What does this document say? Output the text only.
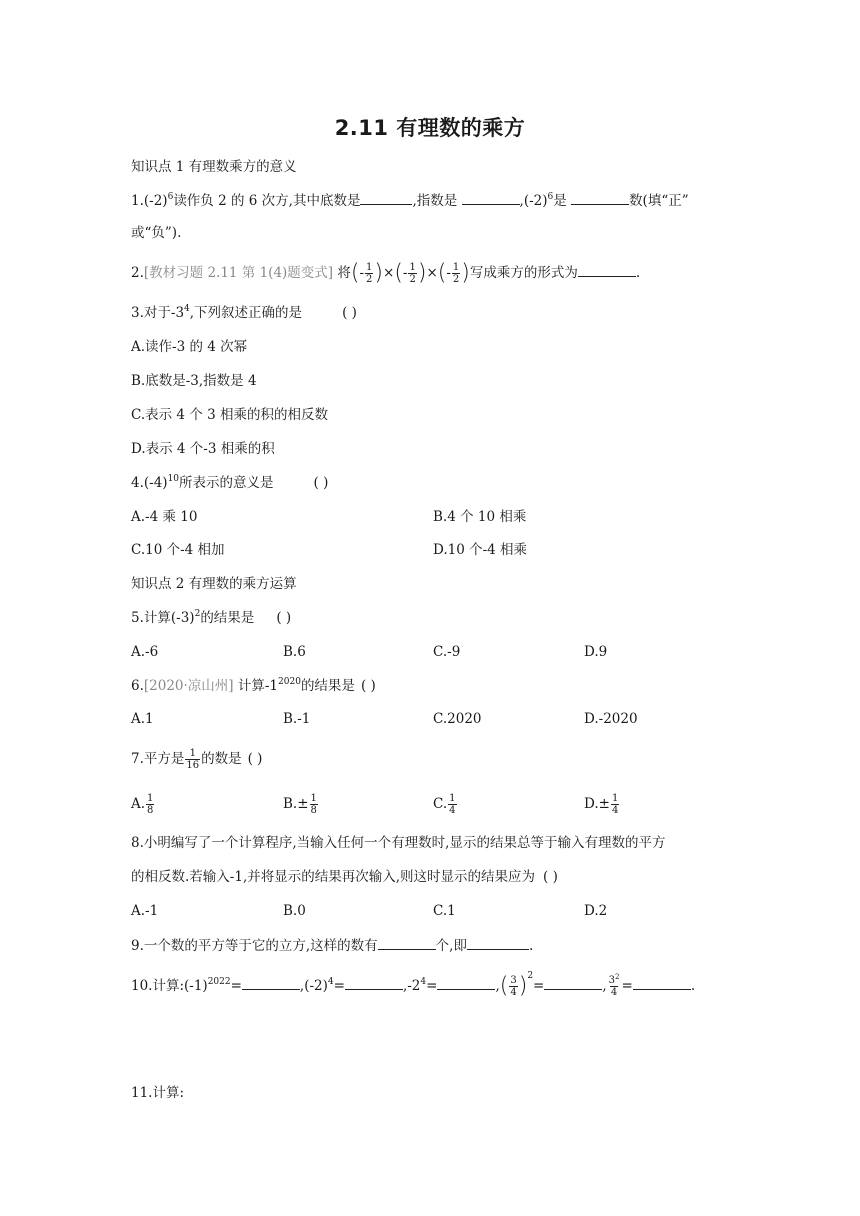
2.11 有理数的乘方
知识点 1 有理数乘方的意义
$1.(-2)^6$读作负 2 的 6 次方,其中底数是	,指数是	$,(-2)^6$是	数(填“正”
或“负”).
2.[教材习题 2.11 第 1(4)题变式] 将(- $\frac{1}{2}$ )×(- $\frac{1}{2}$ )×(- $\frac{1}{2}$ )写成乘方的形式为	.
3.对于$-3^4$,下列叙述正确的是	( )
A.读作-3 的 4 次幂
B.底数是-3,指数是 4
C.表示 4 个 3 相乘的积的相反数
D.表示 4 个-3 相乘的积
$4.(-4)^{10}$所表示的意义是	( )
A.-4 乘 10	B.4 个 10 相乘
C.10 个-4 相加	D.10 个-4 相乘
知识点 2 有理数的乘方运算
5.计算$(-3)^2$的结果是 ( )
A.-6	B.6	C.-9	D.9
6.[2020·凉山州] 计算$-1^{2020}$的结果是 ( )
A.1	B.-1	C.2020	D.-2020
7.平方是 $\frac{1}{16}$ 的数是 ( )
A. $\frac{1}{8}$	$B.\pm \frac{1}{8}$	C. $\frac{1}{4}$	$D.\pm \frac{1}{4}$
8.小明编写了一个计算程序,当输入任何一个有理数时,显示的结果总等于输入有理数的平方
的相反数.若输入-1,并将显示的结果再次输入,则这时显示的结果应为 ( )
A.-1	B.0	C.1	D.2
9.一个数的平方等于它的立方,这样的数有	个,即	.
10.计算$:(-1)^{2022}=$	$,(-2)^4=$	$,-2^4=$	,( $\frac{3}{4} )^2=$	, $\frac{3^2}{4}$ =	.
11.计算:
